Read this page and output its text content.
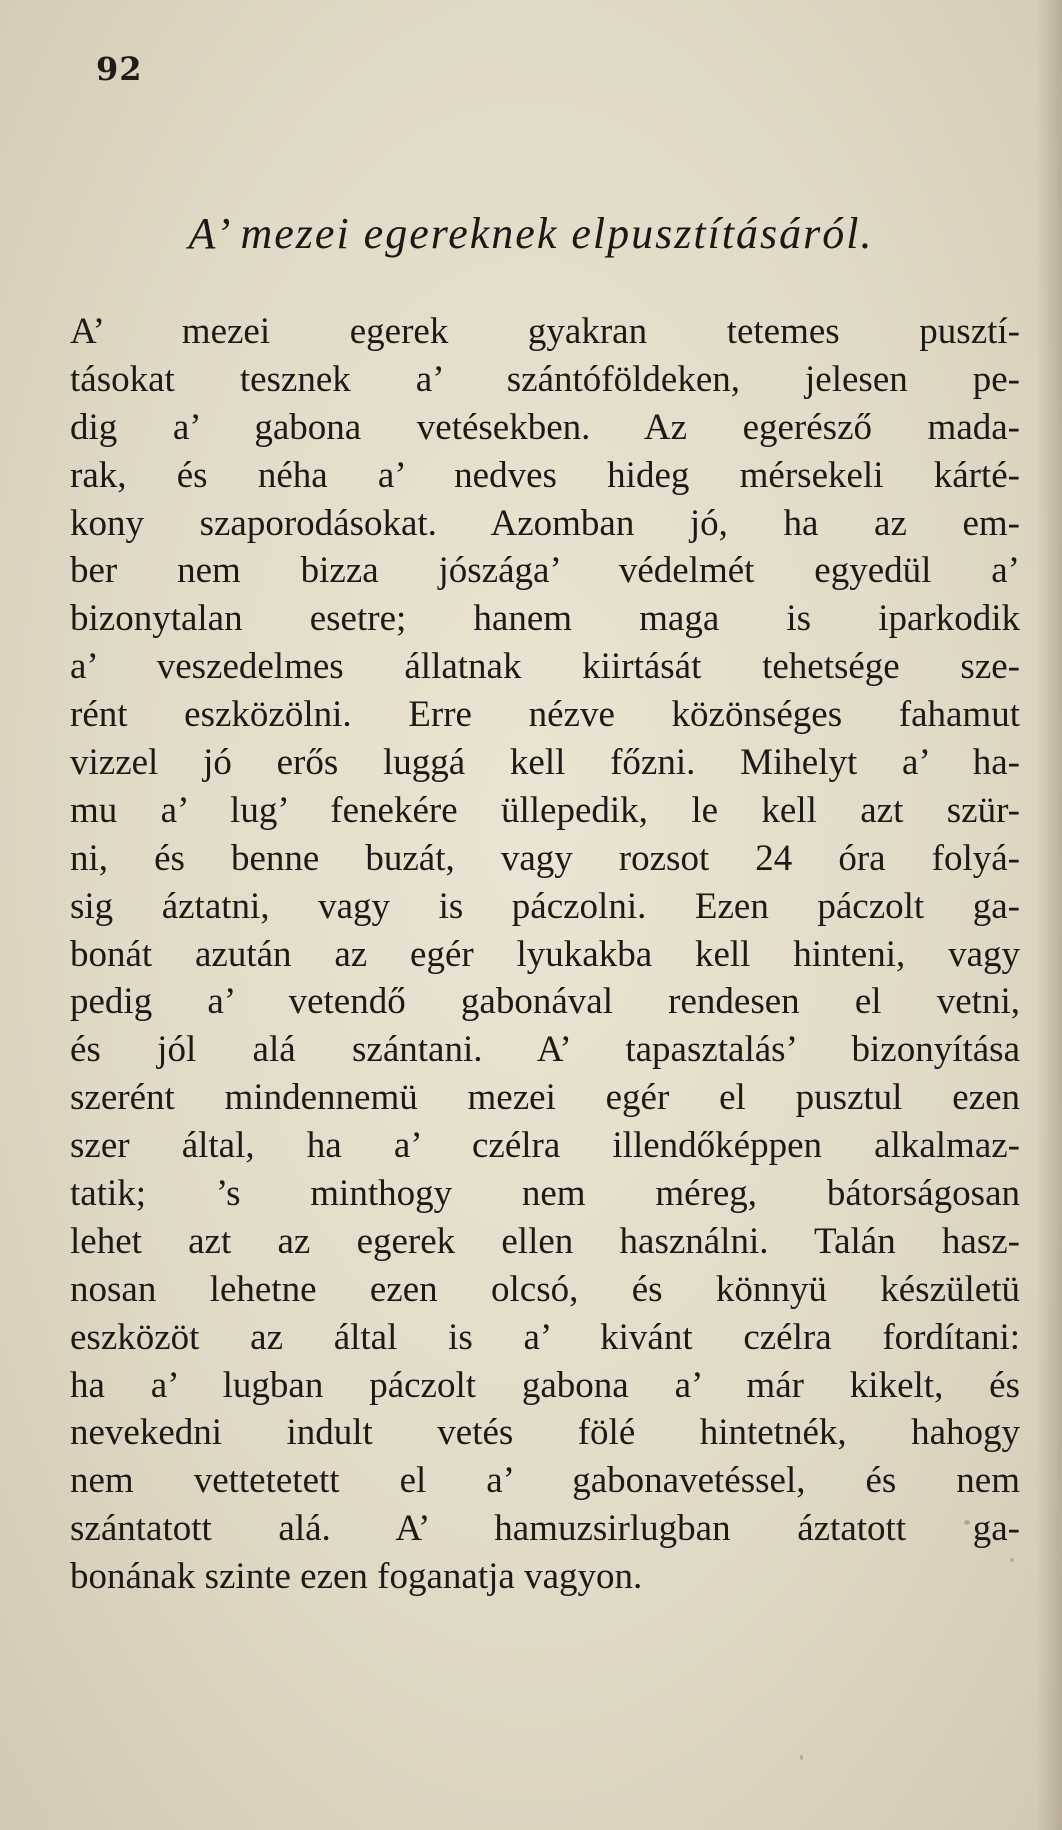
92
A’ mezei egereknek elpusztításáról.
A’ mezei egerek gyakran tetemes pusztí-
tásokat tesznek a’ szántóföldeken, jelesen pe-
dig a’ gabona vetésekben. Az egerésző mada-
rak, és néha a’ nedves hideg mérsekeli kárté-
kony szaporodásokat. Azomban jó, ha az em-
ber nem bizza jószága’ védelmét egyedül a’
bizonytalan esetre; hanem maga is iparkodik
a’ veszedelmes állatnak kiirtását tehetsége sze-
rént eszközölni. Erre nézve közönséges fahamut
vizzel jó erős luggá kell főzni. Mihelyt a’ ha-
mu a’ lug’ fenekére üllepedik, le kell azt szür-
ni, és benne buzát, vagy rozsot 24 óra folyá-
sig áztatni, vagy is páczolni. Ezen páczolt ga-
bonát azután az egér lyukakba kell hinteni, vagy
pedig a’ vetendő gabonával rendesen el vetni,
és jól alá szántani. A’ tapasztalás’ bizonyítása
szerént mindennemü mezei egér el pusztul ezen
szer által, ha a’ czélra illendőképpen alkalmaz-
tatik; ’s minthogy nem méreg, bátorságosan
lehet azt az egerek ellen használni. Talán hasz-
nosan lehetne ezen olcsó, és könnyü készületü
eszközöt az által is a’ kivánt czélra fordítani:
ha a’ lugban páczolt gabona a’ már kikelt, és
nevekedni indult vetés fölé hintetnék, hahogy
nem vettetetett el a’ gabonavetéssel, és nem
szántatott alá. A’ hamuzsirlugban áztatott ga-
bonának szinte ezen foganatja vagyon.
